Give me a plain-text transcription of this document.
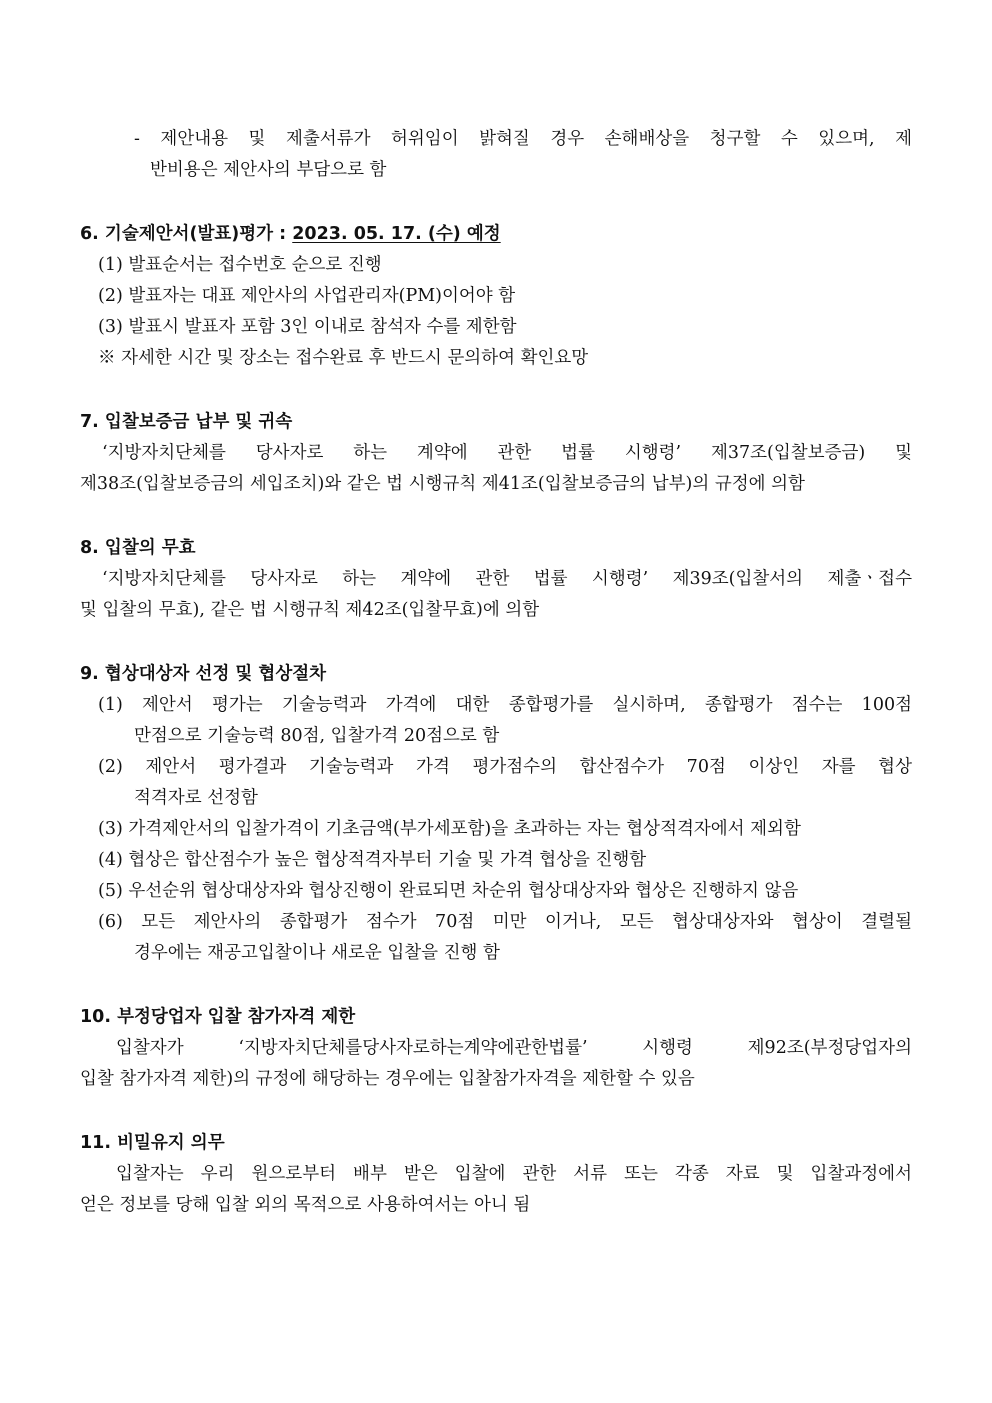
- 제안내용 및 제출서류가 허위임이 밝혀질 경우 손해배상을 청구할 수 있으며, 제
반비용은 제안사의 부담으로 함
6. 기술제안서(발표)평가 : 2023. 05. 17. (수) 예정
(1) 발표순서는 접수번호 순으로 진행
(2) 발표자는 대표 제안사의 사업관리자(PM)이어야 함
(3) 발표시 발표자 포함 3인 이내로 참석자 수를 제한함
※ 자세한 시간 및 장소는 접수완료 후 반드시 문의하여 확인요망
7. 입찰보증금 납부 및 귀속
‘지방자치단체를 당사자로 하는 계약에 관한 법률 시행령’ 제37조(입찰보증금) 및
제38조(입찰보증금의 세입조치)와 같은 법 시행규칙 제41조(입찰보증금의 납부)의 규정에 의함
8. 입찰의 무효
‘지방자치단체를 당사자로 하는 계약에 관한 법률 시행령’ 제39조(입찰서의 제출ㆍ접수
및 입찰의 무효), 같은 법 시행규칙 제42조(입찰무효)에 의함
9. 협상대상자 선정 및 협상절차
(1) 제안서 평가는 기술능력과 가격에 대한 종합평가를 실시하며, 종합평가 점수는 100점
만점으로 기술능력 80점, 입찰가격 20점으로 함
(2) 제안서 평가결과 기술능력과 가격 평가점수의 합산점수가 70점 이상인 자를 협상
적격자로 선정함
(3) 가격제안서의 입찰가격이 기초금액(부가세포함)을 초과하는 자는 협상적격자에서 제외함
(4) 협상은 합산점수가 높은 협상적격자부터 기술 및 가격 협상을 진행함
(5) 우선순위 협상대상자와 협상진행이 완료되면 차순위 협상대상자와 협상은 진행하지 않음
(6) 모든 제안사의 종합평가 점수가 70점 미만 이거나, 모든 협상대상자와 협상이 결렬될
경우에는 재공고입찰이나 새로운 입찰을 진행 함
10. 부정당업자 입찰 참가자격 제한
입찰자가 ‘지방자치단체를당사자로하는계약에관한법률’ 시행령 제92조(부정당업자의
입찰 참가자격 제한)의 규정에 해당하는 경우에는 입찰참가자격을 제한할 수 있음
11. 비밀유지 의무
입찰자는 우리 원으로부터 배부 받은 입찰에 관한 서류 또는 각종 자료 및 입찰과정에서
얻은 정보를 당해 입찰 외의 목적으로 사용하여서는 아니 됨
